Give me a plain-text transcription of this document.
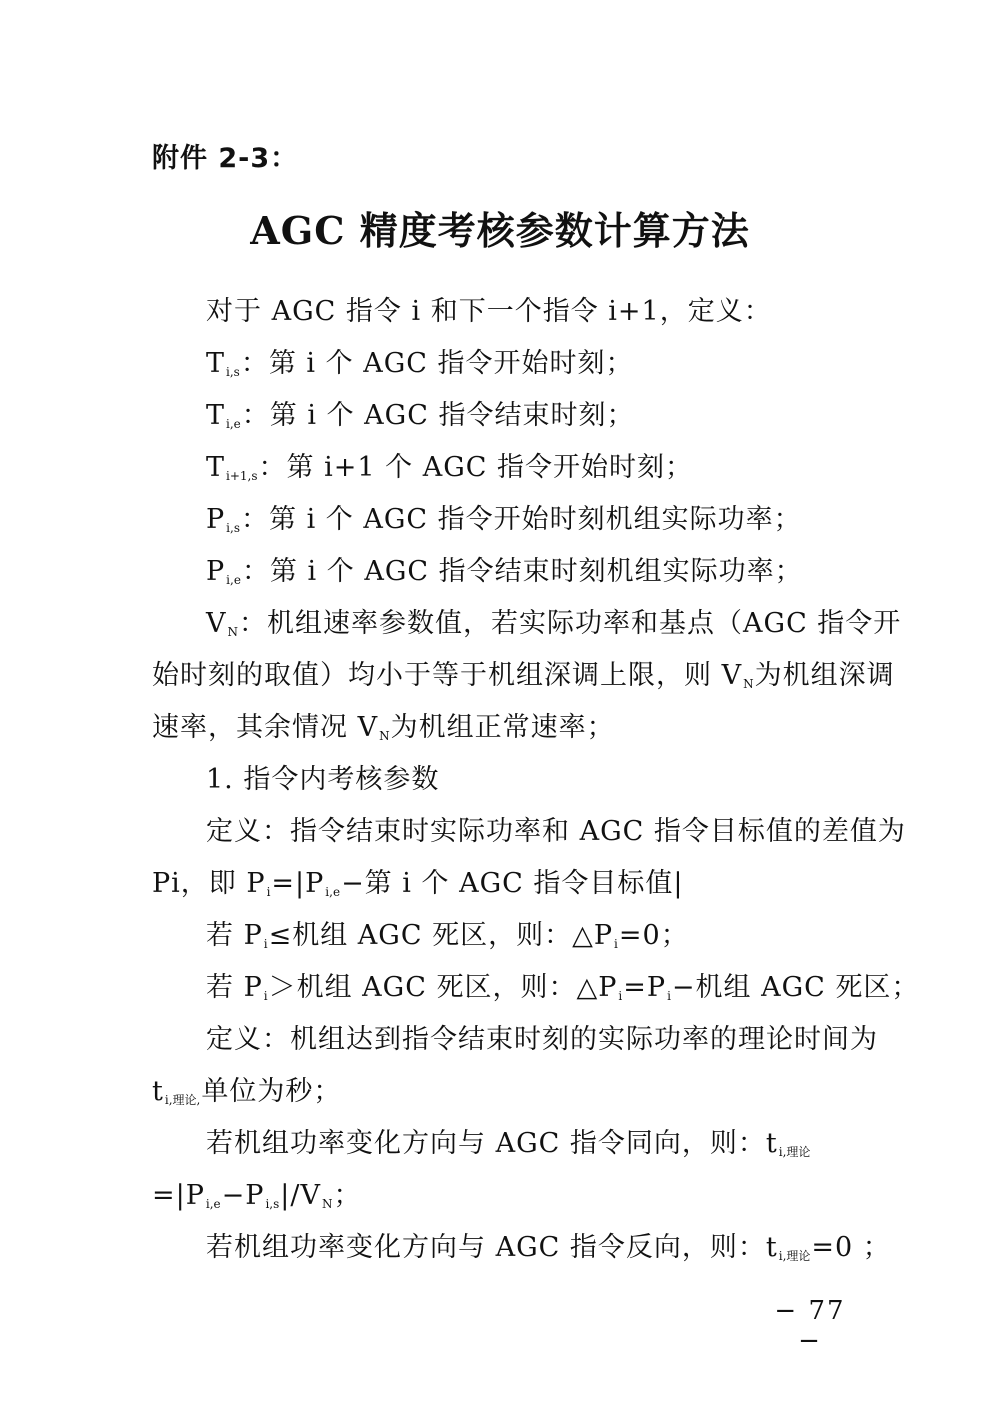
附件 2-3：
AGC 精度考核参数计算方法
对于 AGC 指令 i 和下一个指令 i+1，定义：
$T_{i,s}$：第 i 个 AGC 指令开始时刻；
$T_{i,e}$：第 i 个 AGC 指令结束时刻；
$T_{i+1,s}$：第 i+1 个 AGC 指令开始时刻；
$P_{i,s}$：第 i 个 AGC 指令开始时刻机组实际功率；
$P_{i,e}$：第 i 个 AGC 指令结束时刻机组实际功率；
$V_N$：机组速率参数值，若实际功率和基点（AGC 指令开
始时刻的取值）均小于等于机组深调上限，则 $V_N$为机组深调
速率，其余情况 $V_N$为机组正常速率；
1. 指令内考核参数
定义：指令结束时实际功率和 AGC 指令目标值的差值为
Pi，即 $P_i=|P_{i,e}-$第 i 个 AGC 指令目标值|
若 $P_i\le$机组 AGC 死区，则：$\triangle P_i=0$；
若 $P_i>$机组 AGC 死区，则：$\triangle P_i=P_i-$机组 AGC 死区；
定义：机组达到指令结束时刻的实际功率的理论时间为
$t_{i,理论,}$单位为秒；
若机组功率变化方向与 AGC 指令同向，则：$t_{i,理论}$
$=|P_{i,e}-P_{i,s}|/V_N$；
若机组功率变化方向与 AGC 指令反向，则：$t_{i,理论}=0$ ；
− 77 −
